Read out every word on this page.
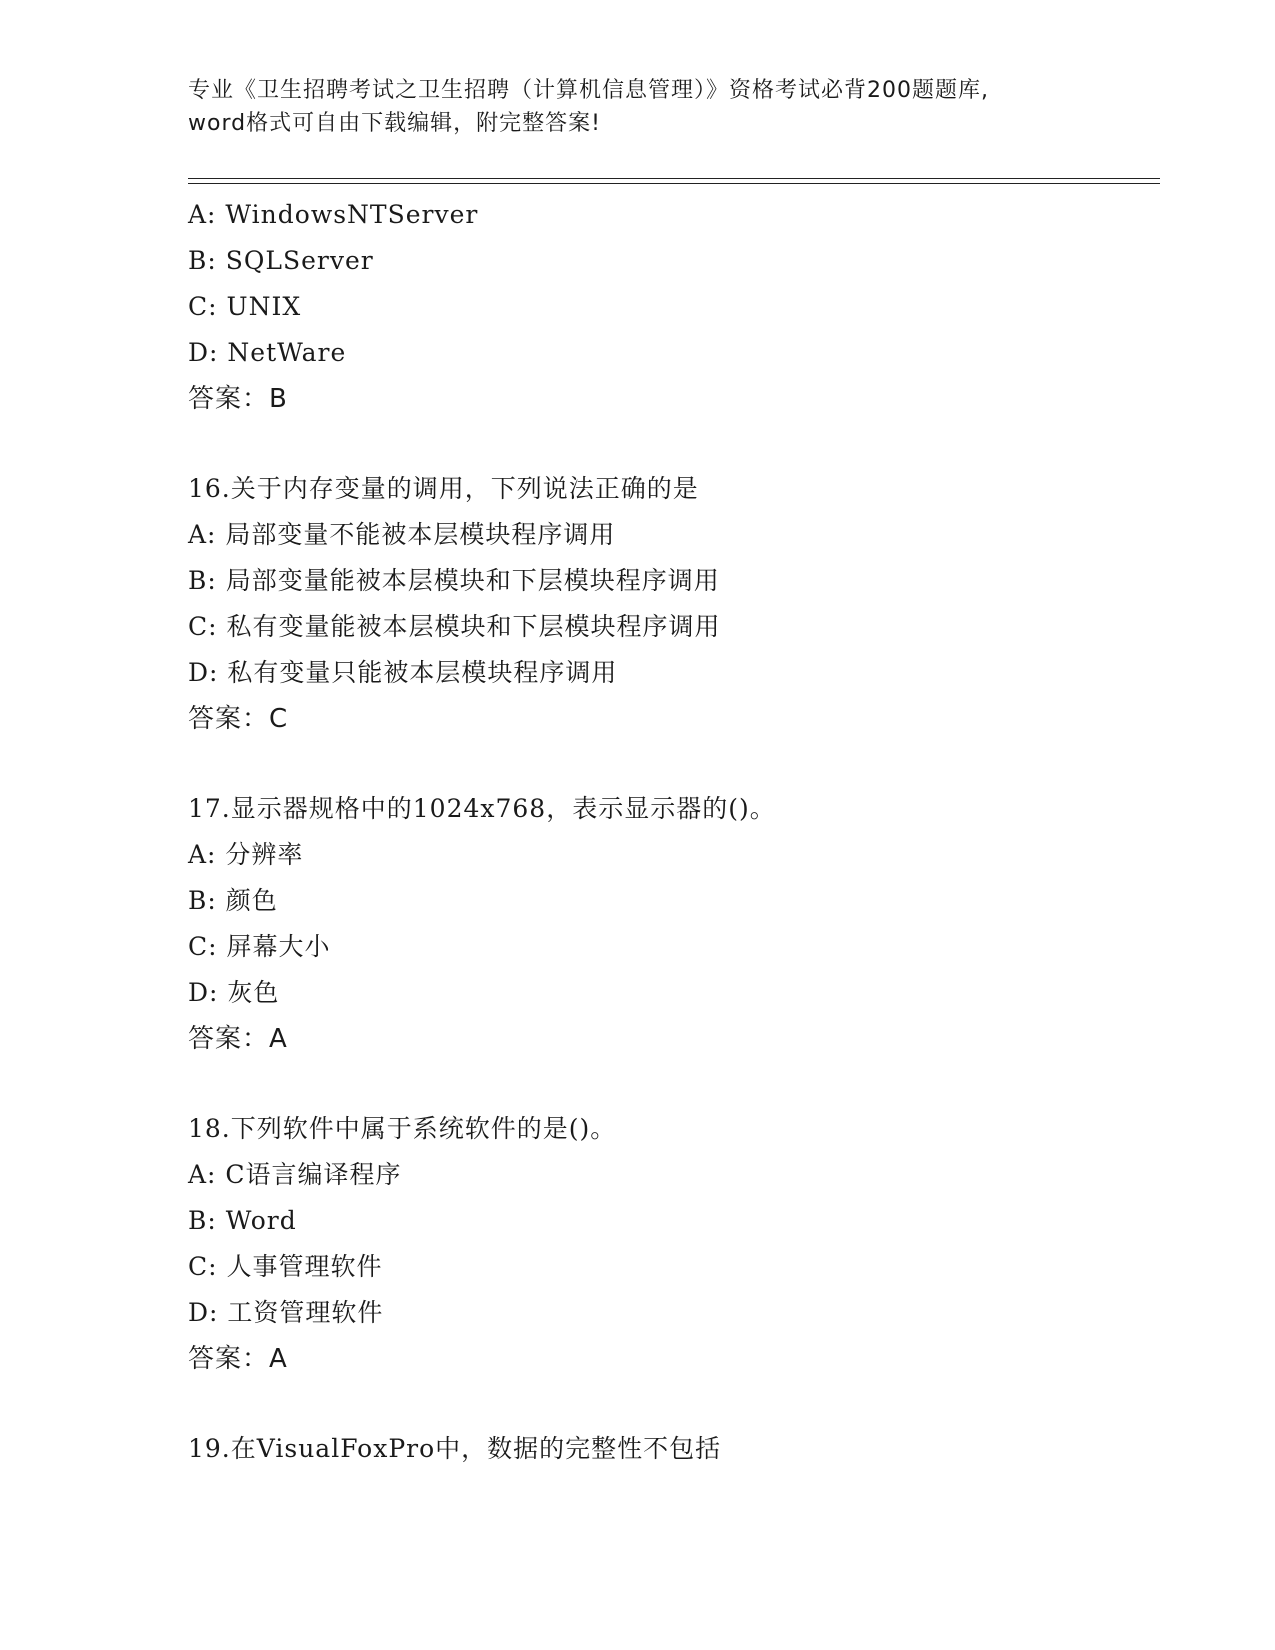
专业《卫生招聘考试之卫生招聘（计算机信息管理）》资格考试必背200题题库,
word格式可自由下载编辑，附完整答案!
A: WindowsNTServer
B: SQLServer
C: UNIX
D: NetWare
答案：B
16.关于内存变量的调用，下列说法正确的是
A: 局部变量不能被本层模块程序调用
B: 局部变量能被本层模块和下层模块程序调用
C: 私有变量能被本层模块和下层模块程序调用
D: 私有变量只能被本层模块程序调用
答案：C
17.显示器规格中的1024x768，表示显示器的()。
A: 分辨率
B: 颜色
C: 屏幕大小
D: 灰色
答案：A
18.下列软件中属于系统软件的是()。
A: C语言编译程序
B: Word
C: 人事管理软件
D: 工资管理软件
答案：A
19.在VisualFoxPro中，数据的完整性不包括
